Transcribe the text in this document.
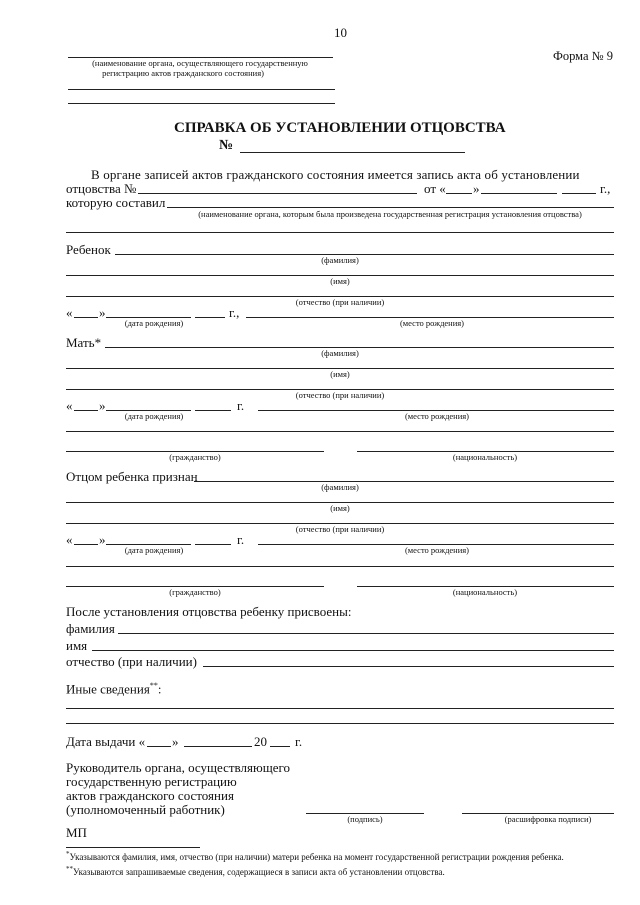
10
Форма № 9
(наименование органа, осуществляющего государственную
регистрацию актов гражданского состояния)
СПРАВКА ОБ УСТАНОВЛЕНИИ ОТЦОВСТВА
№
В органе записей актов гражданского состояния имеется запись акта об установлении
отцовства №	от « »	г.,
которую составил
(наименование органа, которым была произведена государственная регистрация установления отцовства)
Ребенок
(фамилия)
(имя)
(отчество (при наличии)
« »	г.,
(дата рождения)	(место рождения)
Мать*
(фамилия)
(имя)
(отчество (при наличии)
« »	г.
(дата рождения)	(место рождения)
(гражданство)	(национальность)
Отцом ребенка признан
(фамилия)
(имя)
(отчество (при наличии)
« »	г.
(дата рождения)	(место рождения)
(гражданство)	(национальность)
После установления отцовства ребенку присвоены:
фамилия
имя
отчество (при наличии)
Иные сведения**:
Дата выдачи « »	20 г.
Руководитель органа, осуществляющего
государственную регистрацию
актов гражданского состояния
(уполномоченный работник)
(подпись)	(расшифровка подписи)
МП
*Указываются фамилия, имя, отчество (при наличии) матери ребенка на момент государственной регистрации рождения ребенка.
**Указываются запрашиваемые сведения, содержащиеся в записи акта об установлении отцовства.
